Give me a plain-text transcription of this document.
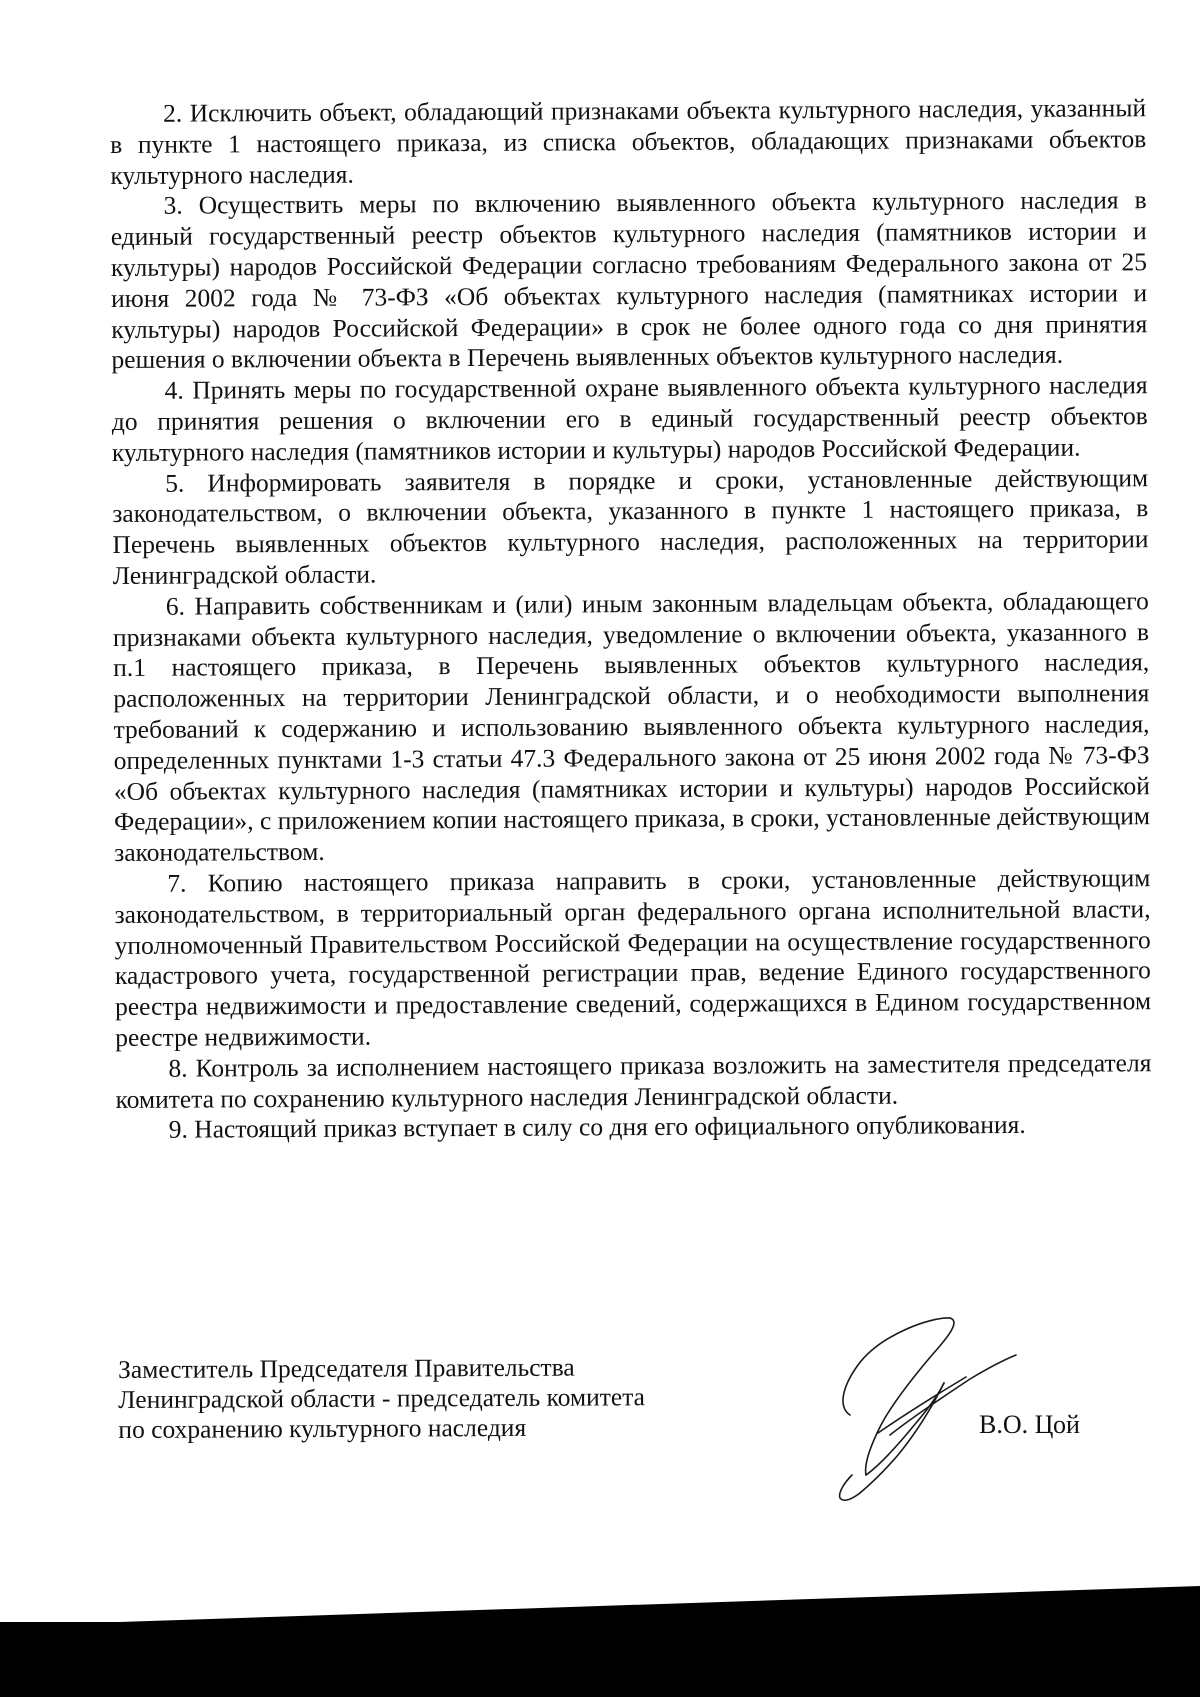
2. Исключить объект, обладающий признаками объекта культурного наследия, указанный в пункте 1 настоящего приказа, из списка объектов, обладающих признаками объектов культурного наследия.

3. Осуществить меры по включению выявленного объекта культурного наследия в единый государственный реестр объектов культурного наследия (памятников истории и культуры) народов Российской Федерации согласно требованиям Федерального закона от 25 июня 2002 года № 73-ФЗ «Об объектах культурного наследия (памятниках истории и культуры) народов Российской Федерации» в срок не более одного года со дня принятия решения о включении объекта в Перечень выявленных объектов культурного наследия.

4. Принять меры по государственной охране выявленного объекта культурного наследия до принятия решения о включении его в единый государственный реестр объектов культурного наследия (памятников истории и культуры) народов Российской Федерации.

5. Информировать заявителя в порядке и сроки, установленные действующим законодательством, о включении объекта, указанного в пункте 1 настоящего приказа, в Перечень выявленных объектов культурного наследия, расположенных на территории Ленинградской области.

6. Направить собственникам и (или) иным законным владельцам объекта, обладающего признаками объекта культурного наследия, уведомление о включении объекта, указанного в п.1 настоящего приказа, в Перечень выявленных объектов культурного наследия, расположенных на территории Ленинградской области, и о необходимости выполнения требований к содержанию и использованию выявленного объекта культурного наследия, определенных пунктами 1-3 статьи 47.3 Федерального закона от 25 июня 2002 года № 73-ФЗ «Об объектах культурного наследия (памятниках истории и культуры) народов Российской Федерации», с приложением копии настоящего приказа, в сроки, установленные действующим законодательством.

7. Копию настоящего приказа направить в сроки, установленные действующим законодательством, в территориальный орган федерального органа исполнительной власти, уполномоченный Правительством Российской Федерации на осуществление государственного кадастрового учета, государственной регистрации прав, ведение Единого государственного реестра недвижимости и предоставление сведений, содержащихся в Едином государственном реестре недвижимости.

8. Контроль за исполнением настоящего приказа возложить на заместителя председателя комитета по сохранению культурного наследия Ленинградской области.

9. Настоящий приказ вступает в силу со дня его официального опубликования.

Заместитель Председателя Правительства
Ленинградской области - председатель комитета
по сохранению культурного наследия	В.О. Цой
